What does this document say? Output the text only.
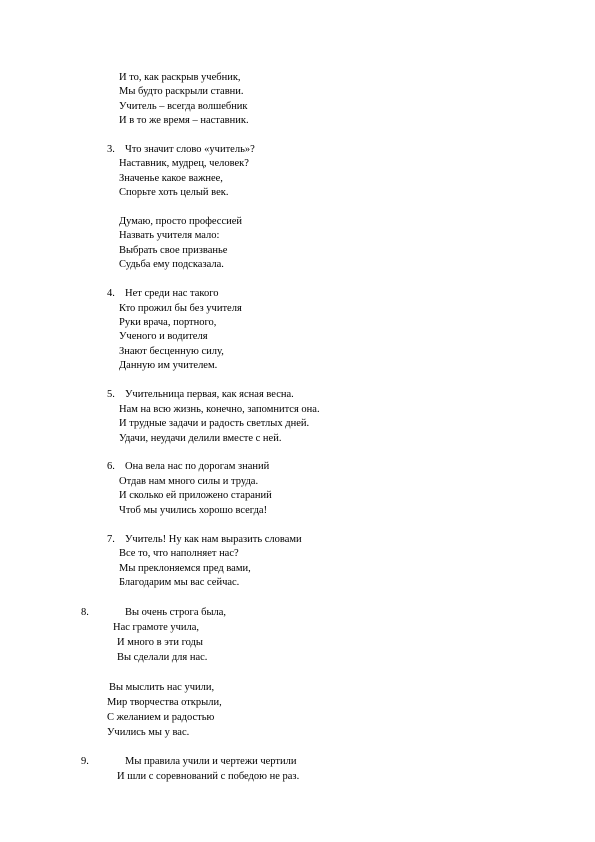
И то, как раскрыв учебник,
Мы будто раскрыли ставни.
Учитель – всегда волшебник
И в то же время – наставник.
3. Что значит слово «учитель»?
Наставник, мудрец, человек?
Значенье какое важнее,
Спорьте хоть целый век.
Думаю, просто профессией
Назвать учителя мало:
Выбрать свое призванье
Судьба ему подсказала.
4. Нет среди нас такого
Кто прожил бы без учителя
Руки врача, портного,
Ученого и водителя
Знают бесценную силу,
Данную им учителем.
5. Учительница первая, как ясная весна.
Нам на всю жизнь, конечно, запомнится она.
И трудные задачи и радость светлых дней.
Удачи, неудачи делили вместе с ней.
6. Она вела нас по дорогам знаний
Отдав нам много силы и труда.
И сколько ей приложено стараний
Чтоб мы учились хорошо всегда!
7. Учитель! Ну как нам выразить словами
Все то, что наполняет нас?
Мы преклоняемся пред вами,
Благодарим мы вас сейчас.
8.	Вы очень строга была,
Нас грамоте учила,
И много в эти годы
Вы сделали для нас.
Вы мыслить нас учили,
Мир творчества открыли,
С желанием и радостью
Учились мы у вас.
9.	Мы правила учили и чертежи чертили
И шли с соревнований с победою не раз.
